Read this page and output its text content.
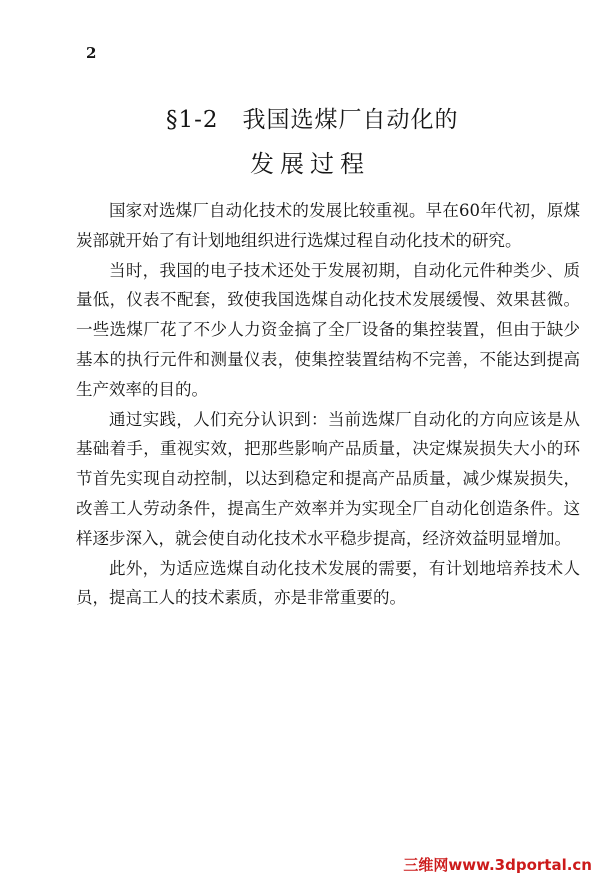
2
§1-2　我国选煤厂自动化的
发展过程

国家对选煤厂自动化技术的发展比较重视。早在60年代初，原煤炭部就开始了有计划地组织进行选煤过程自动化技术的研究。

当时，我国的电子技术还处于发展初期，自动化元件种类少、质量低，仪表不配套，致使我国选煤自动化技术发展缓慢、效果甚微。一些选煤厂花了不少人力资金搞了全厂设备的集控装置，但由于缺少基本的执行元件和测量仪表，使集控装置结构不完善，不能达到提高生产效率的目的。

通过实践，人们充分认识到：当前选煤厂自动化的方向应该是从基础着手，重视实效，把那些影响产品质量，决定煤炭损失大小的环节首先实现自动控制，以达到稳定和提高产品质量，减少煤炭损失，改善工人劳动条件，提高生产效率并为实现全厂自动化创造条件。这样逐步深入，就会使自动化技术水平稳步提高，经济效益明显增加。

此外，为适应选煤自动化技术发展的需要，有计划地培养技术人员，提高工人的技术素质，亦是非常重要的。

三维网www.3dportal.cn
